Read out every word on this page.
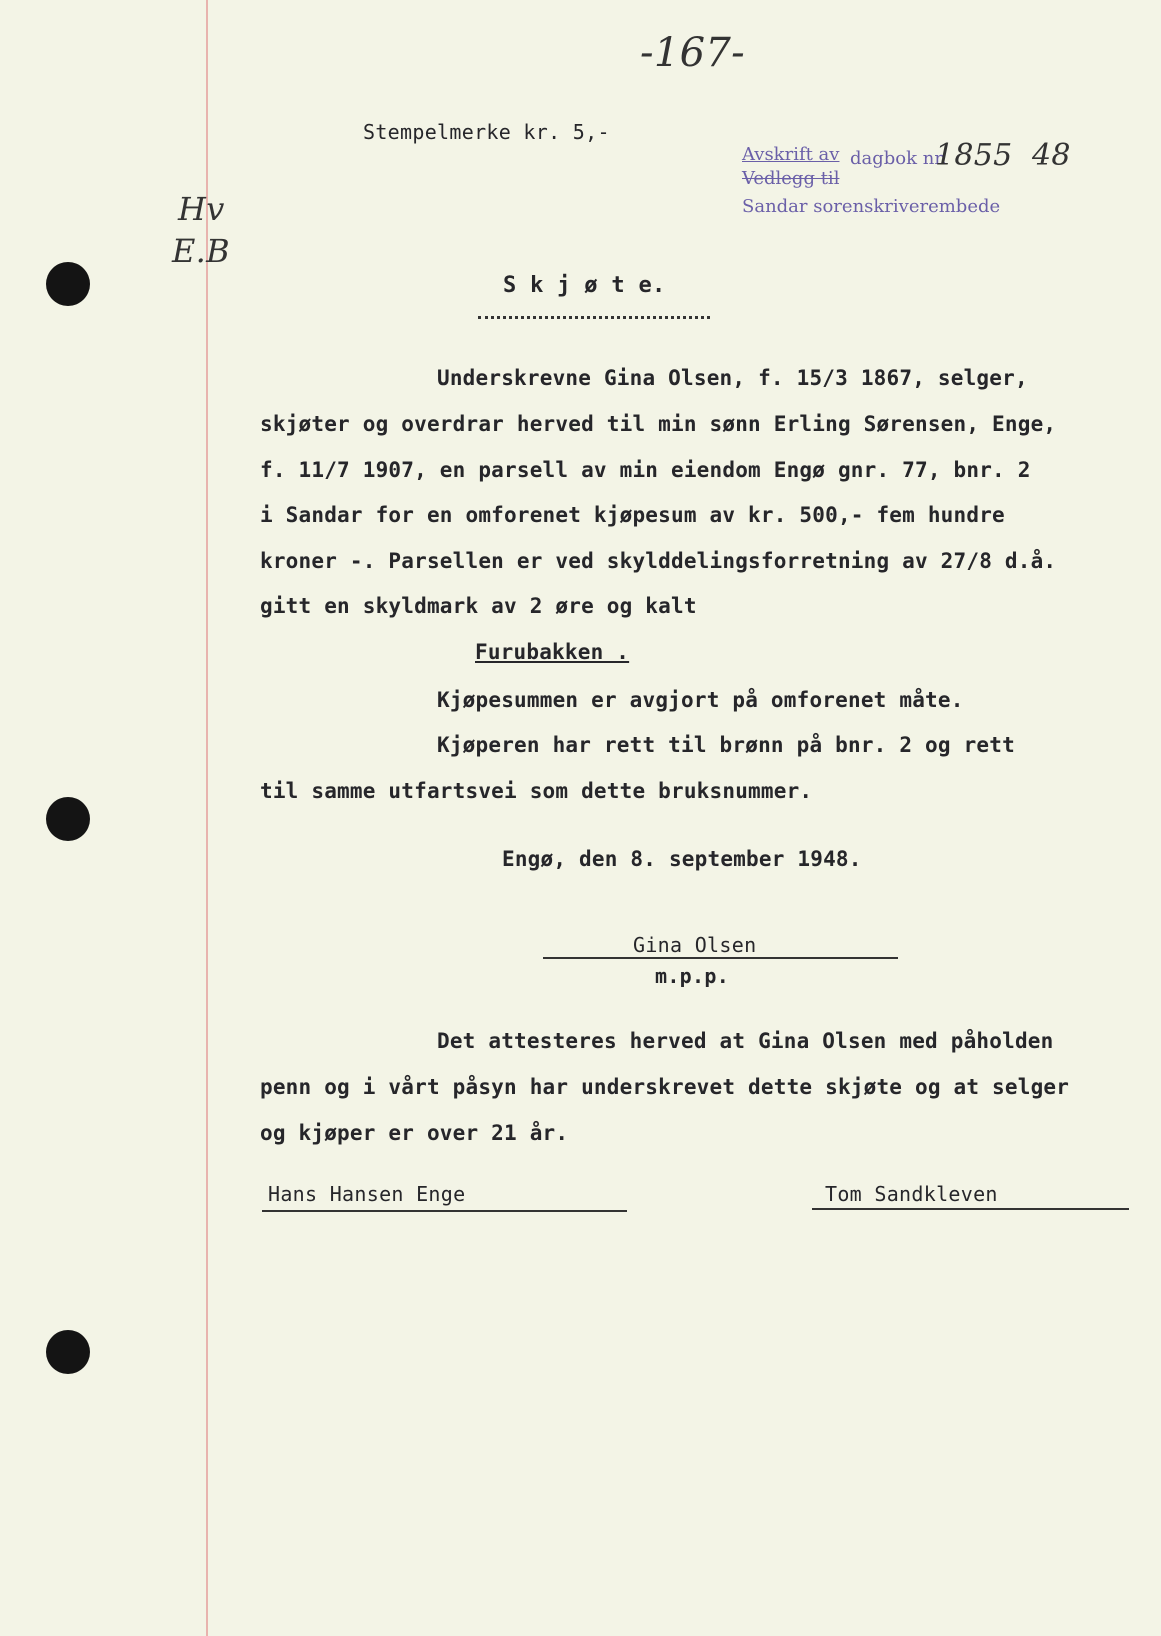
-167-
Stempelmerke kr. 5,-
Avskrift av dagbok nr.
Vedlegg til
Sandar sorenskriverembede
1855 48
Hv
E.B
S k j ø t e.
Underskrevne Gina Olsen, f. 15/3 1867, selger,
skjøter og overdrar herved til min sønn Erling Sørensen, Enge,
f. 11/7 1907, en parsell av min eiendom Engø gnr. 77, bnr. 2
i Sandar for en omforenet kjøpesum av kr. 500,- fem hundre
kroner -. Parsellen er ved skylddelingsforretning av 27/8 d.å.
gitt en skyldmark av 2 øre og kalt
Furubakken .
Kjøpesummen er avgjort på omforenet måte.
Kjøperen har rett til brønn på bnr. 2 og rett
til samme utfartsvei som dette bruksnummer.
Engø, den 8. september 1948.
Gina Olsen
m.p.p.
Det attesteres herved at Gina Olsen med påholden
penn og i vårt påsyn har underskrevet dette skjøte og at selger
og kjøper er over 21 år.
Hans Hansen Enge	Tom Sandkleven
